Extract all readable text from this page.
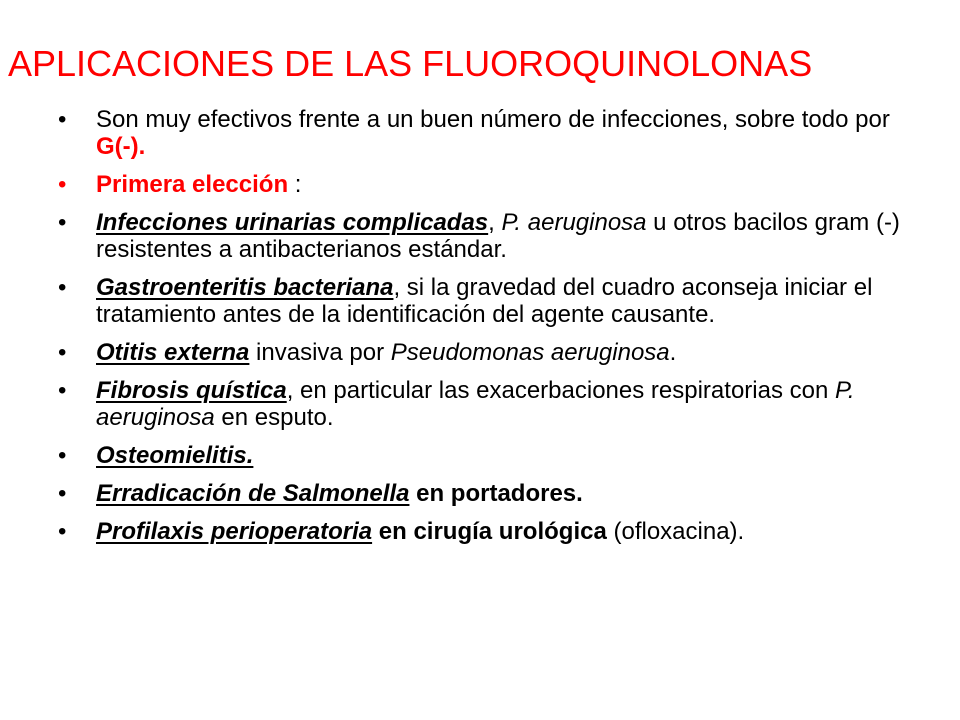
APLICACIONES DE LAS FLUOROQUINOLONAS
•	Son muy efectivos frente a un buen número de infecciones, sobre todo por G(-).
•	Primera elección :
•	Infecciones urinarias complicadas, P. aeruginosa u otros bacilos gram (-) resistentes a antibacterianos estándar.
•	Gastroenteritis bacteriana, si la gravedad del cuadro aconseja iniciar el tratamiento antes de la identificación del agente causante.
•	Otitis externa invasiva por Pseudomonas aeruginosa.
•	Fibrosis quística, en particular las exacerbaciones respiratorias con P. aeruginosa en esputo.
•	Osteomielitis.
•	Erradicación de Salmonella en portadores.
•	Profilaxis perioperatoria en cirugía urológica (ofloxacina).
